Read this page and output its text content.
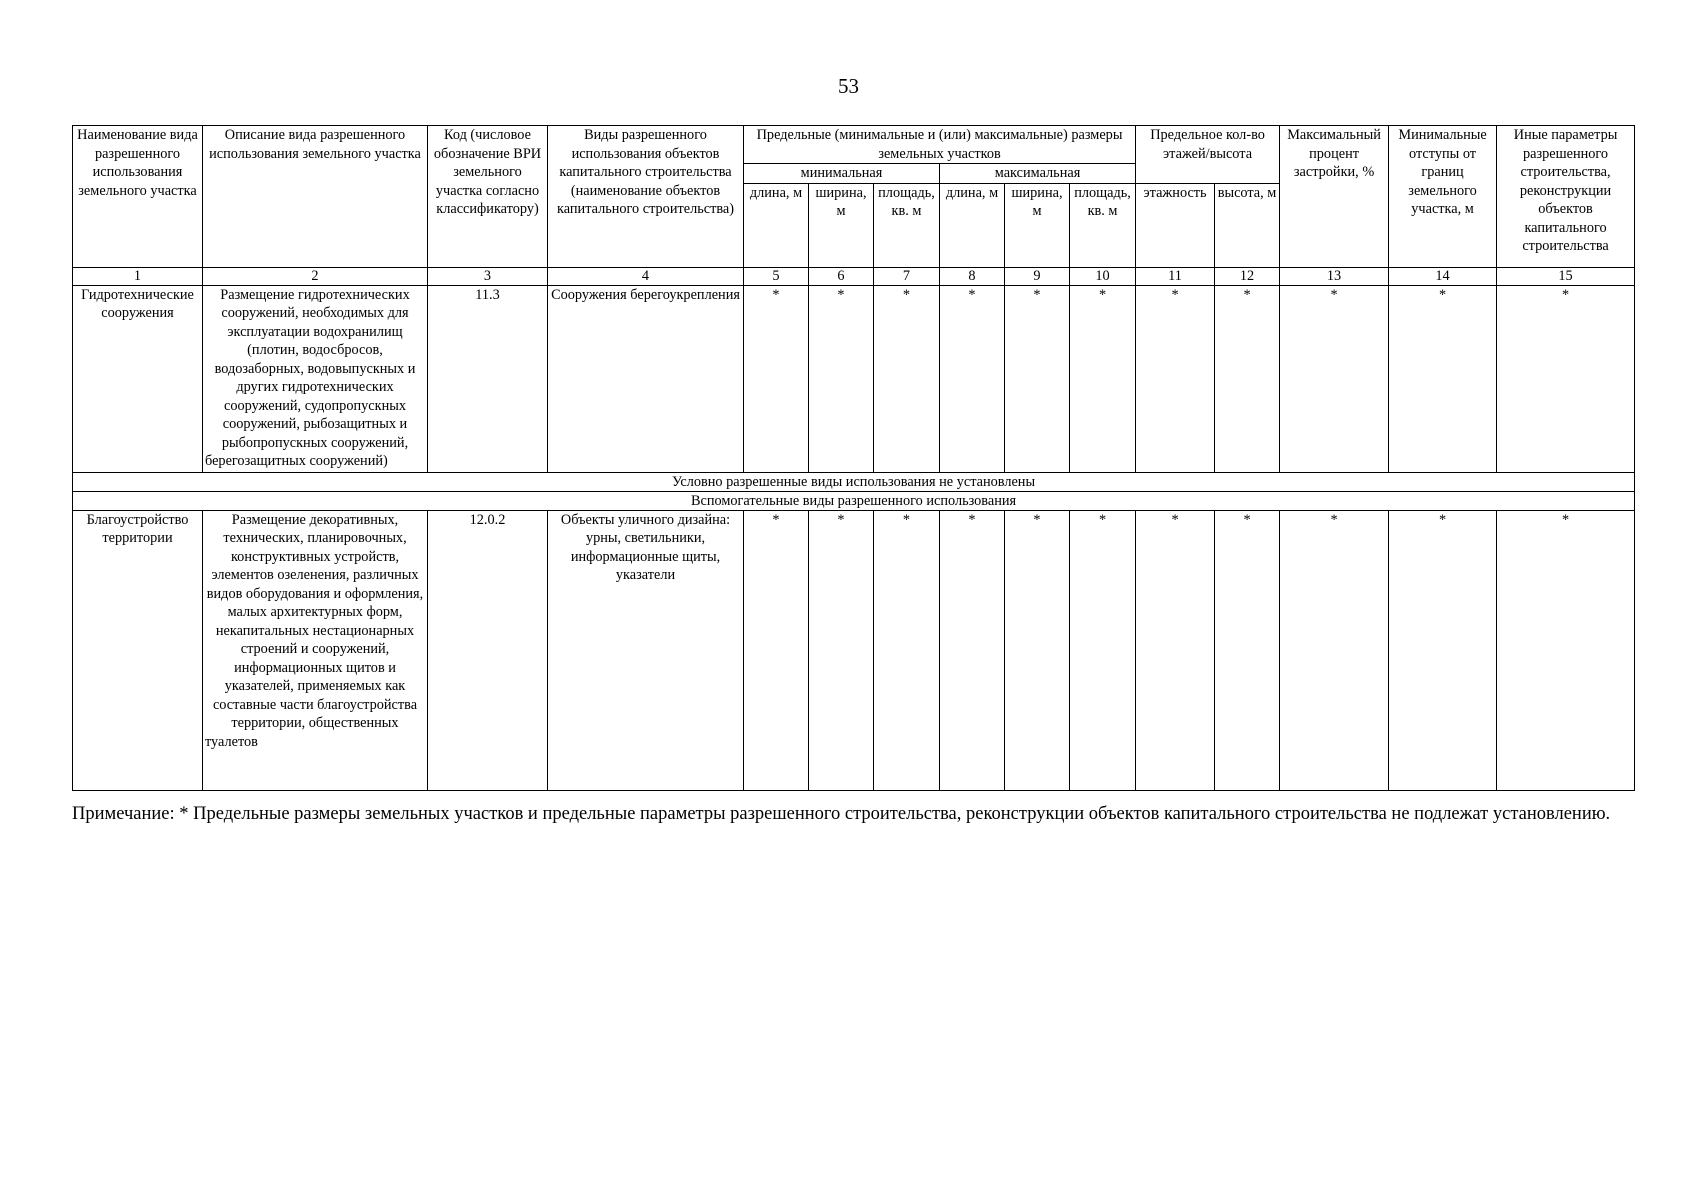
53
Наименование вида разрешенного использования земельного участка	Описание вида разрешенного использования земельного участка	Код (числовое обозначение ВРИ земельного участка согласно классификатору)	Виды разрешенного использования объектов капитального строительства (наименование объектов капитального строительства)	Предельные (минимальные и (или) максимальные) размеры земельных участков						Предельное кол-во этажей/высота		Максимальный процент застройки, %	Минимальные отступы от границ земельного участка, м	Иные параметры разрешенного строительства, реконструкции объектов капитального строительства

				минимальная			максимальная							
				длина, м	ширина, м	площадь, кв. м	длина, м	ширина, м	площадь, кв. м	этажность	высота, м			
1	2	3	4	5	6	7	8	9	10	11	12	13	14	15
Гидротехнические сооружения	Размещение гидротехнических сооружений, необходимых для эксплуатации водохранилищ (плотин, водосбросов, водозаборных, водовыпускных и других гидротехнических сооружений, судопропускных сооружений, рыбозащитных и рыбопропускных сооружений, берегозащитных сооружений)	11.3	Сооружения берегоукрепления	*	*	*	*	*	*	*	*	*	*	*
Условно разрешенные виды использования не установлены														
Вспомогательные виды разрешенного использования														
Благоустройство территории	Размещение декоративных, технических, планировочных, конструктивных устройств, элементов озеленения, различных видов оборудования и оформления, малых архитектурных форм, некапитальных нестационарных строений и сооружений, информационных щитов и указателей, применяемых как составные части благоустройства территории, общественных туалетов	12.0.2	Объекты уличного дизайна: урны, светильники, информационные щиты, указатели	*	*	*	*	*	*	*	*	*	*	*
Примечание: * Предельные размеры земельных участков и предельные параметры разрешенного строительства, реконструкции объектов капитального строительства не подлежат установлению.
